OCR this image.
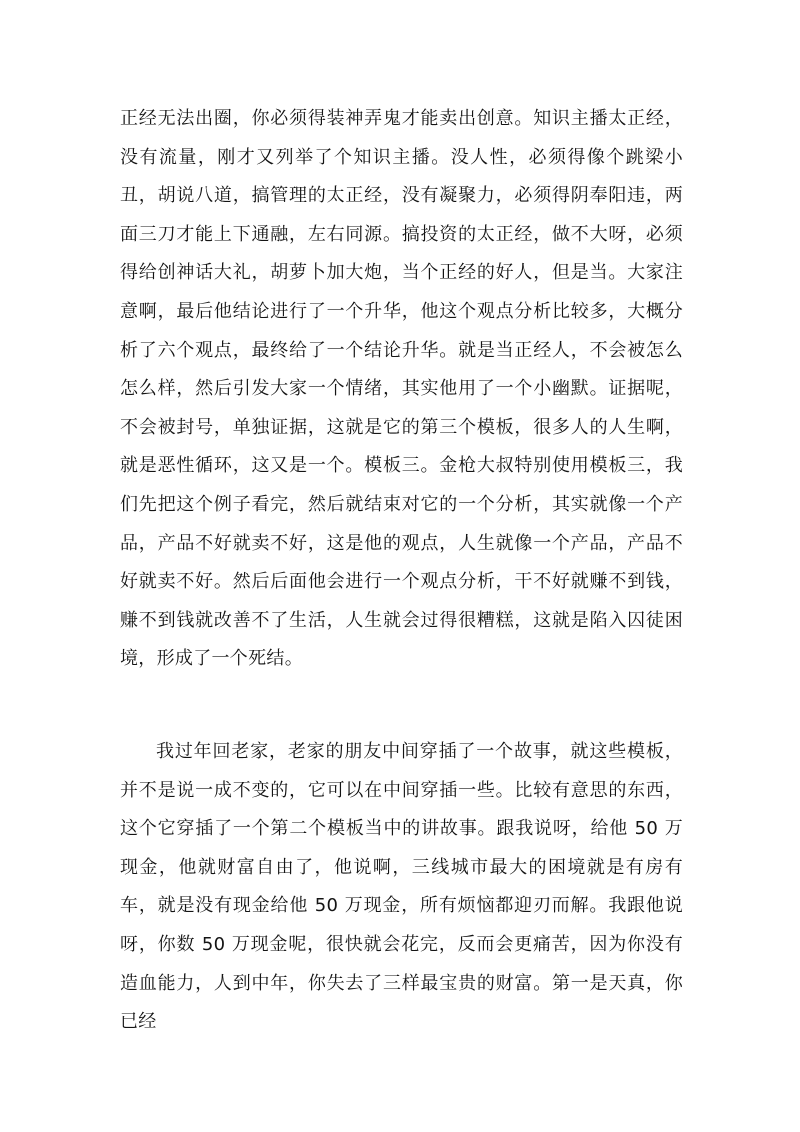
正经无法出圈，你必须得装神弄鬼才能卖出创意。知识主播太正经，没有流量，刚才又列举了个知识主播。没人性，必须得像个跳梁小丑，胡说八道，搞管理的太正经，没有凝聚力，必须得阴奉阳违，两面三刀才能上下通融，左右同源。搞投资的太正经，做不大呀，必须得给创神话大礼，胡萝卜加大炮，当个正经的好人，但是当。大家注意啊，最后他结论进行了一个升华，他这个观点分析比较多，大概分析了六个观点，最终给了一个结论升华。就是当正经人，不会被怎么怎么样，然后引发大家一个情绪，其实他用了一个小幽默。证据呢，不会被封号，单独证据，这就是它的第三个模板，很多人的人生啊，就是恶性循环，这又是一个。模板三。金枪大叔特别使用模板三，我们先把这个例子看完，然后就结束对它的一个分析，其实就像一个产品，产品不好就卖不好，这是他的观点，人生就像一个产品，产品不好就卖不好。然后后面他会进行一个观点分析，干不好就赚不到钱，赚不到钱就改善不了生活，人生就会过得很糟糕，这就是陷入囚徒困境，形成了一个死结。

我过年回老家，老家的朋友中间穿插了一个故事，就这些模板，并不是说一成不变的，它可以在中间穿插一些。比较有意思的东西，这个它穿插了一个第二个模板当中的讲故事。跟我说呀，给他 50 万现金，他就财富自由了，他说啊，三线城市最大的困境就是有房有车，就是没有现金给他 50 万现金，所有烦恼都迎刃而解。我跟他说呀，你数 50 万现金呢，很快就会花完，反而会更痛苦，因为你没有造血能力，人到中年，你失去了三样最宝贵的财富。第一是天真，你已经
